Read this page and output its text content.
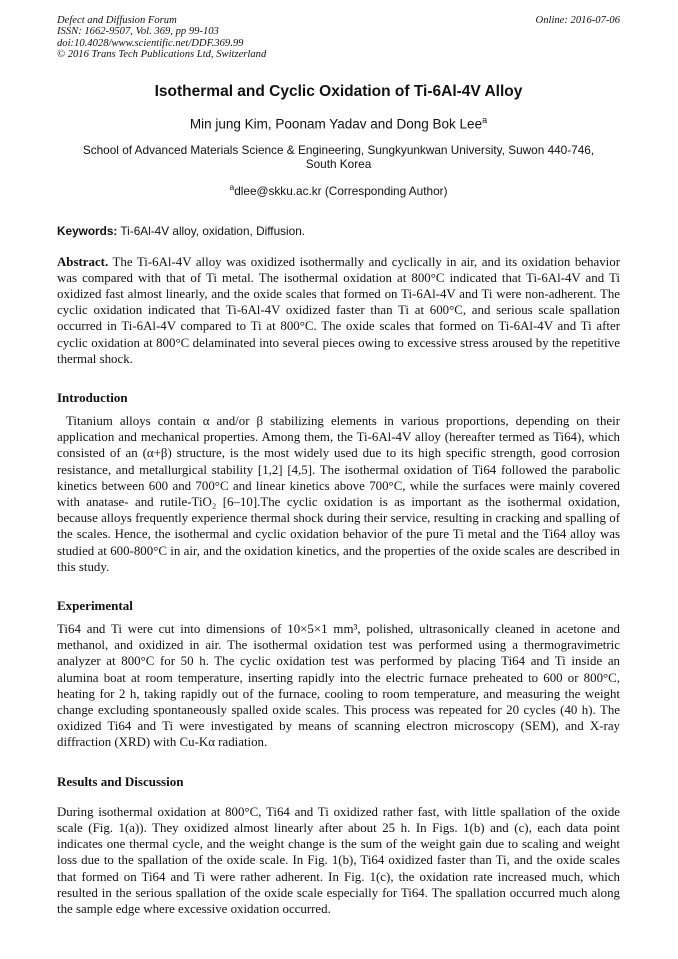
Defect and Diffusion Forum
ISSN: 1662-9507, Vol. 369, pp 99-103
doi:10.4028/www.scientific.net/DDF.369.99
© 2016 Trans Tech Publications Ltd, Switzerland
Online: 2016-07-06
Isothermal and Cyclic Oxidation of Ti-6Al-4V Alloy
Min jung Kim, Poonam Yadav and Dong Bok Lee$^a$
School of Advanced Materials Science & Engineering, Sungkyunkwan University, Suwon 440-746,
South Korea
$^a$dlee@skku.ac.kr (Corresponding Author)

Keywords: Ti-6Al-4V alloy, oxidation, Diffusion.

Abstract. The Ti-6Al-4V alloy was oxidized isothermally and cyclically in air, and its oxidation behavior was compared with that of Ti metal. The isothermal oxidation at 800°C indicated that Ti-6Al-4V and Ti oxidized fast almost linearly, and the oxide scales that formed on Ti-6Al-4V and Ti were non-adherent. The cyclic oxidation indicated that Ti-6Al-4V oxidized faster than Ti at 600°C, and serious scale spallation occurred in Ti-6Al-4V compared to Ti at 800°C. The oxide scales that formed on Ti-6Al-4V and Ti after cyclic oxidation at 800°C delaminated into several pieces owing to excessive stress aroused by the repetitive thermal shock.

Introduction

Titanium alloys contain α and/or β stabilizing elements in various proportions, depending on their application and mechanical properties. Among them, the Ti-6Al-4V alloy (hereafter termed as Ti64), which consisted of an (α+β) structure, is the most widely used due to its high specific strength, good corrosion resistance, and metallurgical stability [1,2] [4,5]. The isothermal oxidation of Ti64 followed the parabolic kinetics between 600 and 700°C and linear kinetics above 700°C, while the surfaces were mainly covered with anatase- and rutile-TiO₂ [6–10].The cyclic oxidation is as important as the isothermal oxidation, because alloys frequently experience thermal shock during their service, resulting in cracking and spalling of the scales. Hence, the isothermal and cyclic oxidation behavior of the pure Ti metal and the Ti64 alloy was studied at 600-800°C in air, and the oxidation kinetics, and the properties of the oxide scales are described in this study.

Experimental

Ti64 and Ti were cut into dimensions of 10×5×1 mm³, polished, ultrasonically cleaned in acetone and methanol, and oxidized in air. The isothermal oxidation test was performed using a thermogravimetric analyzer at 800°C for 50 h. The cyclic oxidation test was performed by placing Ti64 and Ti inside an alumina boat at room temperature, inserting rapidly into the electric furnace preheated to 600 or 800°C, heating for 2 h, taking rapidly out of the furnace, cooling to room temperature, and measuring the weight change excluding spontaneously spalled oxide scales. This process was repeated for 20 cycles (40 h). The oxidized Ti64 and Ti were investigated by means of scanning electron microscopy (SEM), and X-ray diffraction (XRD) with Cu-Kα radiation.

Results and Discussion

During isothermal oxidation at 800°C, Ti64 and Ti oxidized rather fast, with little spallation of the oxide scale (Fig. 1(a)). They oxidized almost linearly after about 25 h. In Figs. 1(b) and (c), each data point indicates one thermal cycle, and the weight change is the sum of the weight gain due to scaling and weight loss due to the spallation of the oxide scale. In Fig. 1(b), Ti64 oxidized faster than Ti, and the oxide scales that formed on Ti64 and Ti were rather adherent. In Fig. 1(c), the oxidation rate increased much, which resulted in the serious spallation of the oxide scale especially for Ti64. The spallation occurred much along the sample edge where excessive oxidation occurred.
